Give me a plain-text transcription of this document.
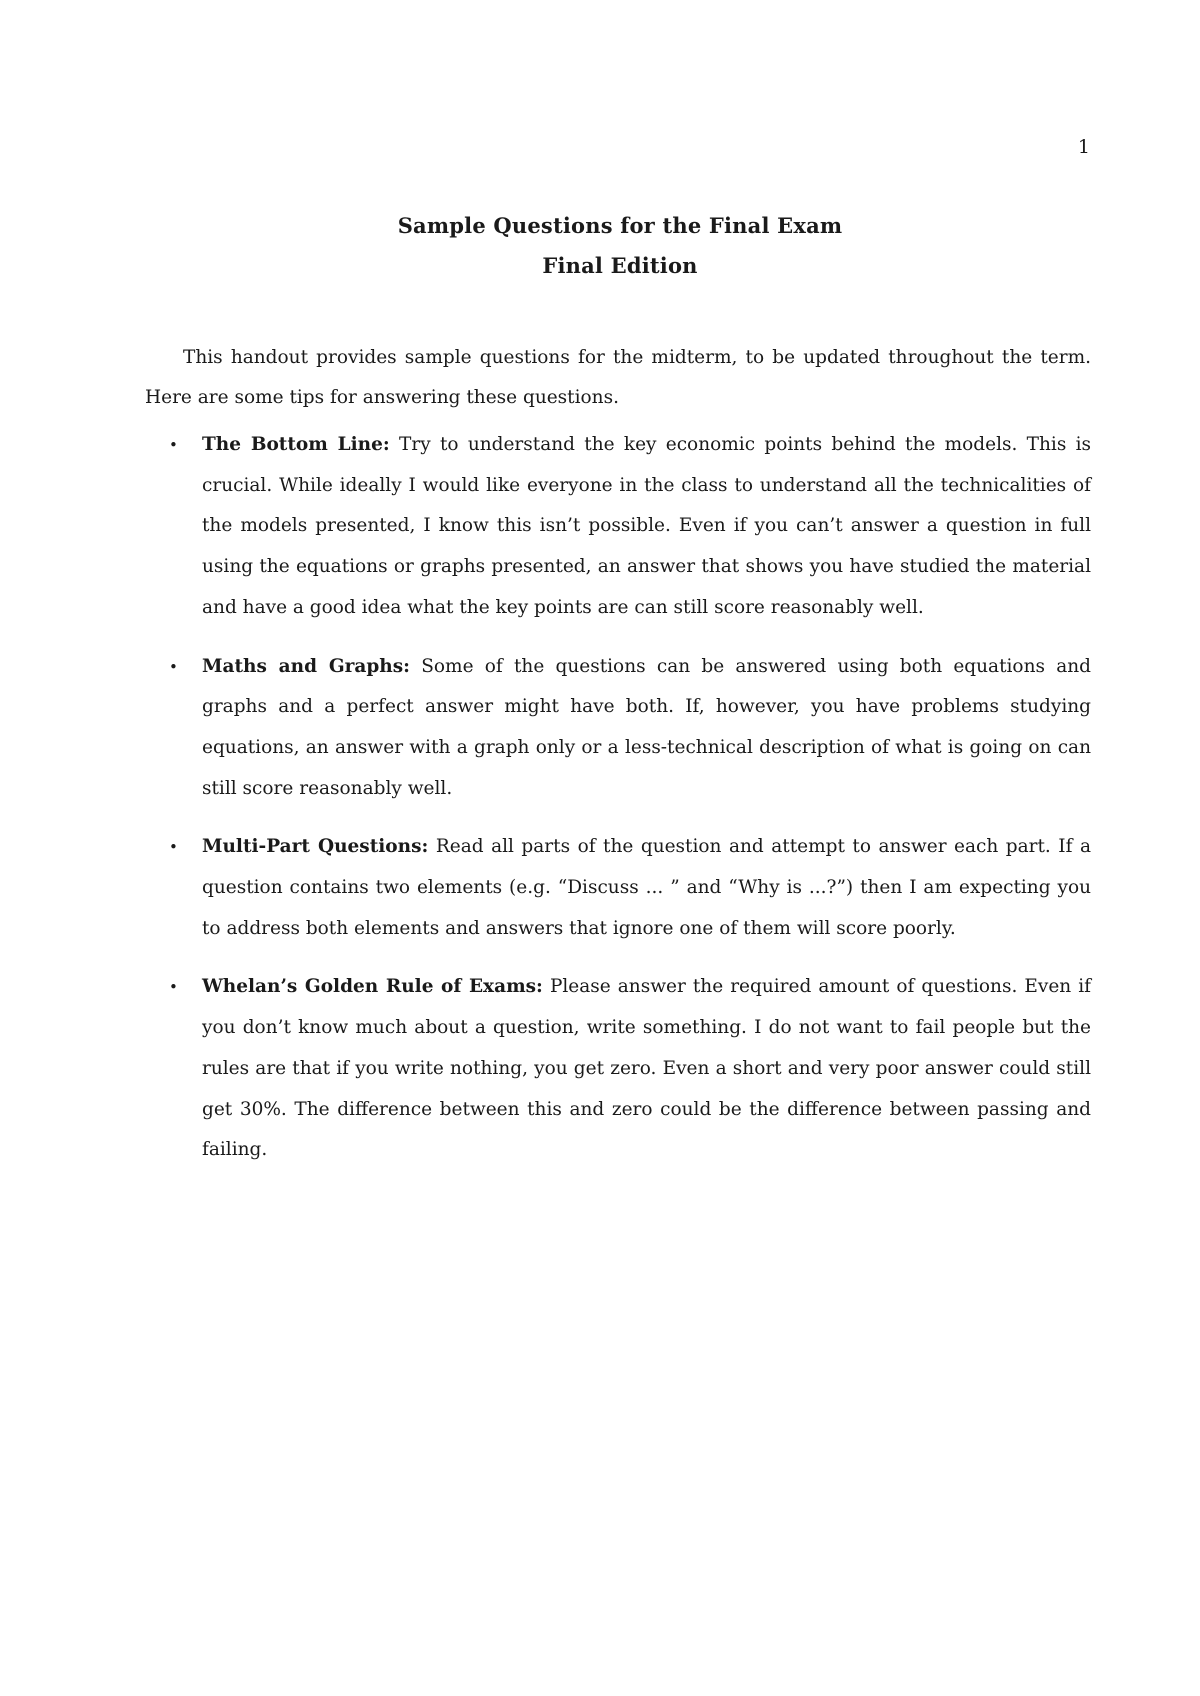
1
Sample Questions for the Final Exam
Final Edition

This handout provides sample questions for the midterm, to be updated throughout the term. Here are some tips for answering these questions.

• The Bottom Line: Try to understand the key economic points behind the models. This is crucial. While ideally I would like everyone in the class to understand all the technicalities of the models presented, I know this isn’t possible. Even if you can’t answer a question in full using the equations or graphs presented, an answer that shows you have studied the material and have a good idea what the key points are can still score reasonably well.
• Maths and Graphs: Some of the questions can be answered using both equations and graphs and a perfect answer might have both. If, however, you have problems studying equations, an answer with a graph only or a less-technical description of what is going on can still score reasonably well.
• Multi-Part Questions: Read all parts of the question and attempt to answer each part. If a question contains two elements (e.g. “Discuss ... ” and “Why is ...?”) then I am expecting you to address both elements and answers that ignore one of them will score poorly.
• Whelan’s Golden Rule of Exams: Please answer the required amount of questions. Even if you don’t know much about a question, write something. I do not want to fail people but the rules are that if you write nothing, you get zero. Even a short and very poor answer could still get 30%. The difference between this and zero could be the difference between passing and failing.
